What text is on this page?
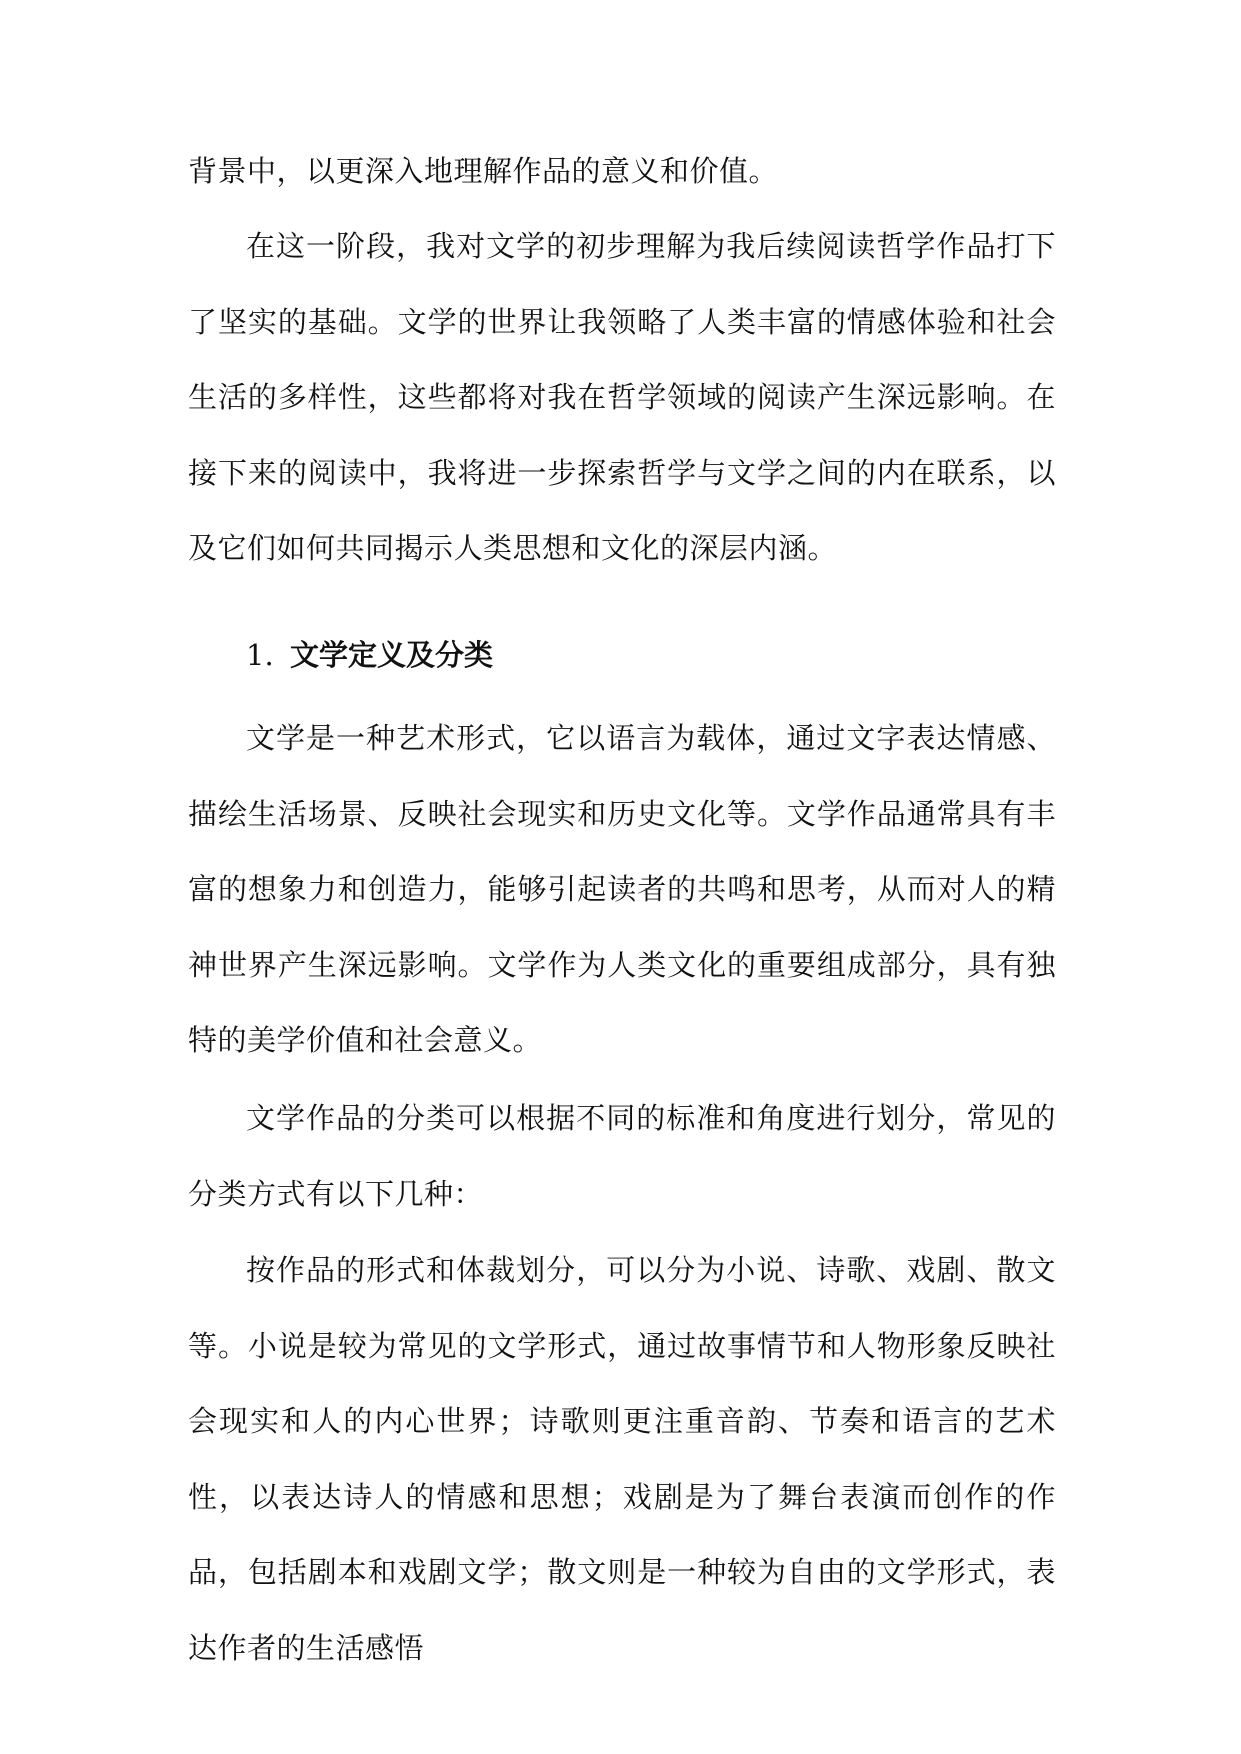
背景中，以更深入地理解作品的意义和价值。

在这一阶段，我对文学的初步理解为我后续阅读哲学作品打下了坚实的基础。文学的世界让我领略了人类丰富的情感体验和社会生活的多样性，这些都将对我在哲学领域的阅读产生深远影响。在接下来的阅读中，我将进一步探索哲学与文学之间的内在联系，以及它们如何共同揭示人类思想和文化的深层内涵。

1. 文学定义及分类

文学是一种艺术形式，它以语言为载体，通过文字表达情感、描绘生活场景、反映社会现实和历史文化等。文学作品通常具有丰富的想象力和创造力，能够引起读者的共鸣和思考，从而对人的精神世界产生深远影响。文学作为人类文化的重要组成部分，具有独特的美学价值和社会意义。

文学作品的分类可以根据不同的标准和角度进行划分，常见的分类方式有以下几种：

按作品的形式和体裁划分，可以分为小说、诗歌、戏剧、散文等。小说是较为常见的文学形式，通过故事情节和人物形象反映社会现实和人的内心世界；诗歌则更注重音韵、节奏和语言的艺术性，以表达诗人的情感和思想；戏剧是为了舞台表演而创作的作品，包括剧本和戏剧文学；散文则是一种较为自由的文学形式，表达作者的生活感悟
